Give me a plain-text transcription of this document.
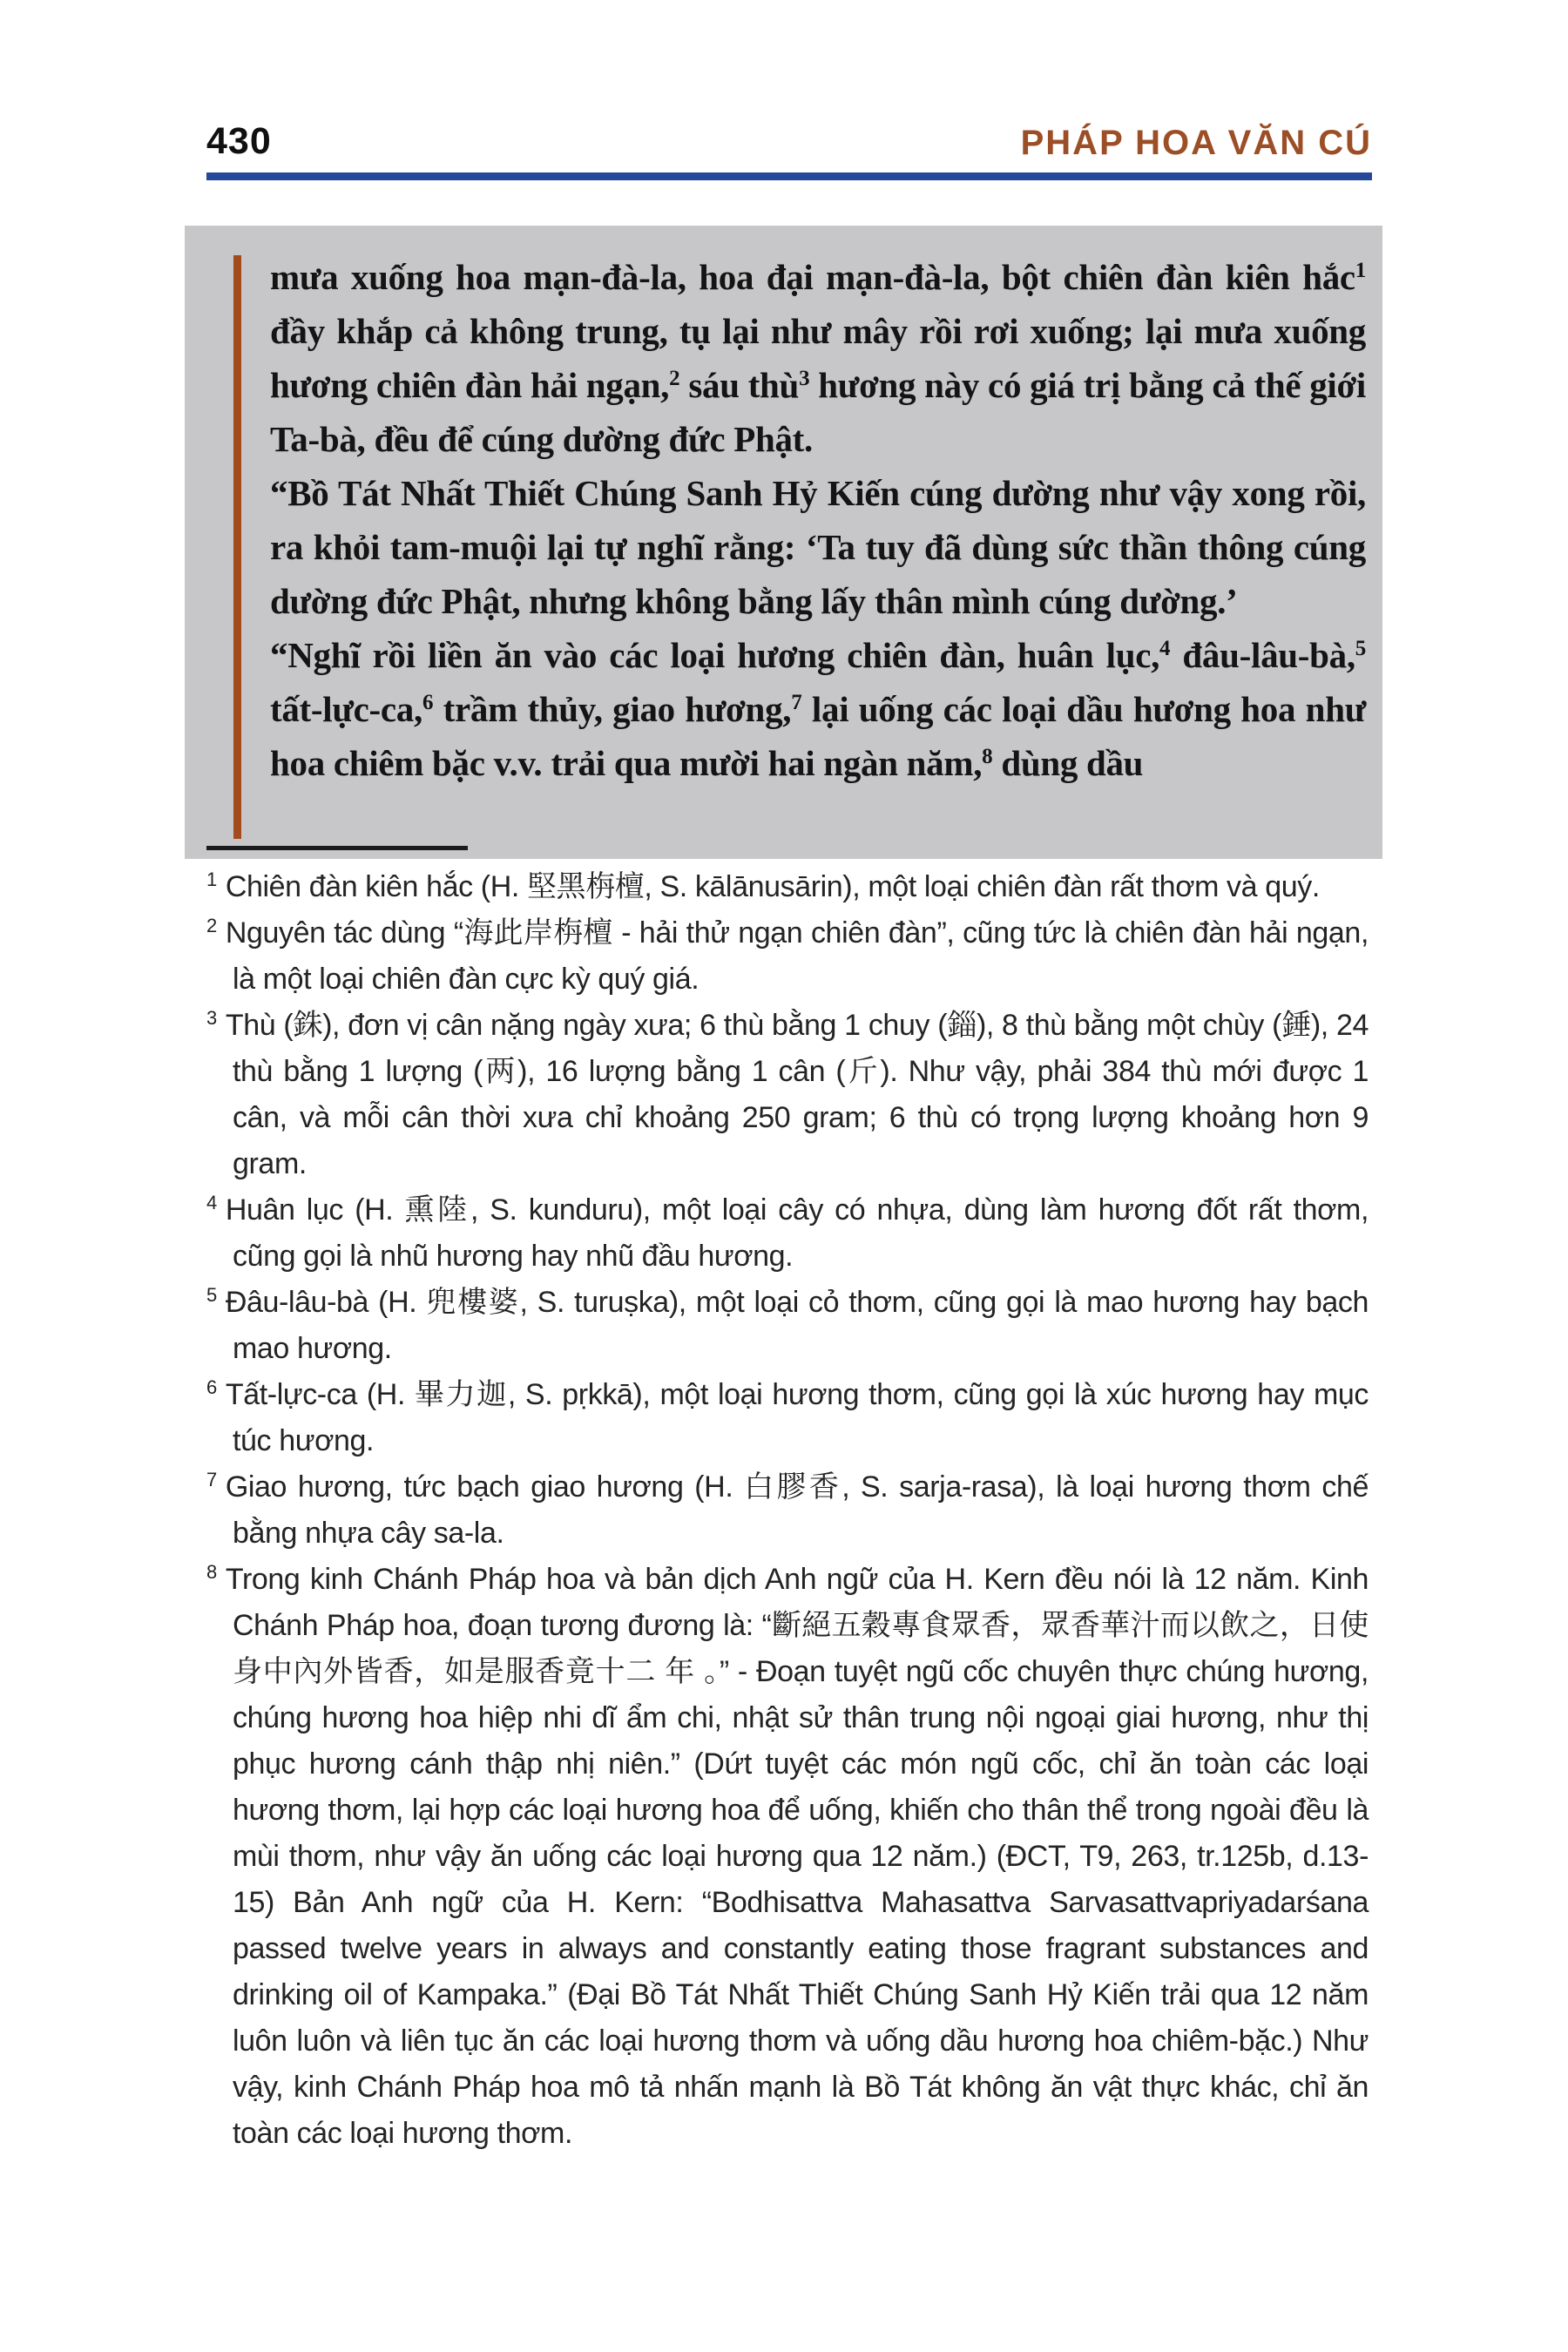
430	PHÁP HOA VĂN CÚ

mưa xuống hoa mạn-đà-la, hoa đại mạn-đà-la, bột chiên đàn kiên hắc$^1$ đầy khắp cả không trung, tụ lại như mây rồi rơi xuống; lại mưa xuống hương chiên đàn hải ngạn,$^2$ sáu thù$^3$ hương này có giá trị bằng cả thế giới Ta-bà, đều để cúng dường đức Phật.

“Bồ Tát Nhất Thiết Chúng Sanh Hỷ Kiến cúng dường như vậy xong rồi, ra khỏi tam-muội lại tự nghĩ rằng: ‘Ta tuy đã dùng sức thần thông cúng dường đức Phật, nhưng không bằng lấy thân mình cúng dường.’

“Nghĩ rồi liền ăn vào các loại hương chiên đàn, huân lục,$^4$ đâu-lâu-bà,$^5$ tất-lực-ca,$^6$ trầm thủy, giao hương,$^7$ lại uống các loại dầu hương hoa như hoa chiêm bặc v.v. trải qua mười hai ngàn năm,$^8$ dùng dầu

$^1$ Chiên đàn kiên hắc (H. 堅黑栴檀, S. kālānusārin), một loại chiên đàn rất thơm và quý.

$^2$ Nguyên tác dùng “海此岸栴檀 - hải thử ngạn chiên đàn”, cũng tức là chiên đàn hải ngạn, là một loại chiên đàn cực kỳ quý giá.

$^3$ Thù (銖), đơn vị cân nặng ngày xưa; 6 thù bằng 1 chuy (錙), 8 thù bằng một chùy (錘), 24 thù bằng 1 lượng (两), 16 lượng bằng 1 cân (斤). Như vậy, phải 384 thù mới được 1 cân, và mỗi cân thời xưa chỉ khoảng 250 gram; 6 thù có trọng lượng khoảng hơn 9 gram.

$^4$ Huân lục (H. 熏陸, S. kunduru), một loại cây có nhựa, dùng làm hương đốt rất thơm, cũng gọi là nhũ hương hay nhũ đầu hương.

$^5$ Đâu-lâu-bà (H. 兜樓婆, S. turuṣka), một loại cỏ thơm, cũng gọi là mao hương hay bạch mao hương.

$^6$ Tất-lực-ca (H. 畢力迦, S. pṛkkā), một loại hương thơm, cũng gọi là xúc hương hay mục túc hương.

$^7$ Giao hương, tức bạch giao hương (H. 白膠香, S. sarja-rasa), là loại hương thơm chế bằng nhựa cây sa-la.

$^8$ Trong kinh Chánh Pháp hoa và bản dịch Anh ngữ của H. Kern đều nói là 12 năm. Kinh Chánh Pháp hoa, đoạn tương đương là: “斷絕五穀專食眾香，眾香華汁而以飲之，日使身中內外皆香，如是服香竟十二 年 。” - Đoạn tuyệt ngũ cốc chuyên thực chúng hương, chúng hương hoa hiệp nhi dĩ ẩm chi, nhật sử thân trung nội ngoại giai hương, như thị phục hương cánh thập nhị niên.” (Dứt tuyệt các món ngũ cốc, chỉ ăn toàn các loại hương thơm, lại hợp các loại hương hoa để uống, khiến cho thân thể trong ngoài đều là mùi thơm, như vậy ăn uống các loại hương qua 12 năm.) (ĐCT, T9, 263, tr.125b, d.13-15) Bản Anh ngữ của H. Kern: “Bodhisattva Mahasattva Sarvasattvapriyadarśana passed twelve years in always and constantly eating those fragrant substances and drinking oil of Kampaka.” (Đại Bồ Tát Nhất Thiết Chúng Sanh Hỷ Kiến trải qua 12 năm luôn luôn và liên tục ăn các loại hương thơm và uống dầu hương hoa chiêm-bặc.) Như vậy, kinh Chánh Pháp hoa mô tả nhấn mạnh là Bồ Tát không ăn vật thực khác, chỉ ăn toàn các loại hương thơm.
